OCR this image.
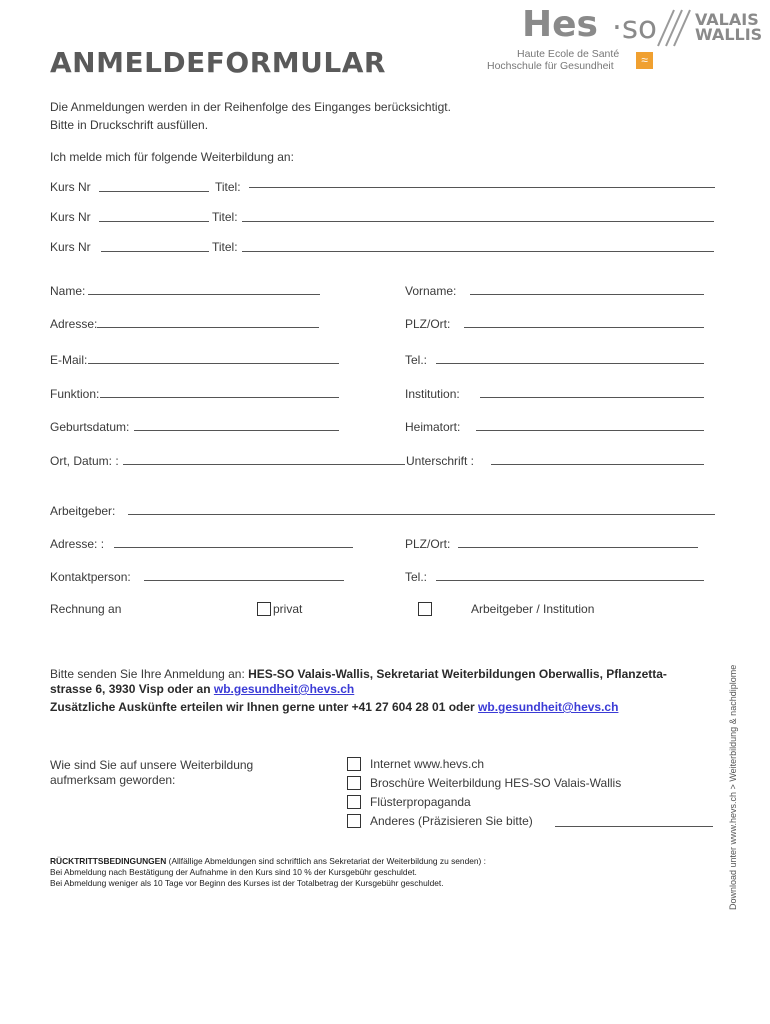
Hes ·so VALAIS
WALLIS
Haute Ecole de Santé
Hochschule für Gesundheit	≈
ANMELDEFORMULAR
Die Anmeldungen werden in der Reihenfolge des Einganges berücksichtigt.
Bitte in Druckschrift ausfüllen.
Ich melde mich für folgende Weiterbildung an:
Kurs Nr	Titel:
Kurs Nr	Titel:
Kurs Nr	Titel:
Name:	Vorname:
Adresse:	PLZ/Ort:
E-Mail:	Tel.:
Funktion:	Institution:
Geburtsdatum:	Heimatort:
Ort, Datum: :	Unterschrift :
Arbeitgeber:
Adresse: :	PLZ/Ort:
Kontaktperson:	Tel.:
Rechnung an	privat	Arbeitgeber / Institution
Bitte senden Sie Ihre Anmeldung an: HES-SO Valais-Wallis, Sekretariat Weiterbildungen Oberwallis, Pflanzetta-
strasse 6, 3930 Visp oder an wb.gesundheit@hevs.ch
Zusätzliche Auskünfte erteilen wir Ihnen gerne unter +41 27 604 28 01 oder wb.gesundheit@hevs.ch
Wie sind Sie auf unsere Weiterbildung
aufmerksam geworden:
Internet www.hevs.ch
Broschüre Weiterbildung HES-SO Valais-Wallis
Flüsterpropaganda
Anderes (Präzisieren Sie bitte)
RÜCKTRITTSBEDINGUNGEN (Allfällige Abmeldungen sind schriftlich ans Sekretariat der Weiterbildung zu senden) :
Bei Abmeldung nach Bestätigung der Aufnahme in den Kurs sind 10 % der Kursgebühr geschuldet.
Bei Abmeldung weniger als 10 Tage vor Beginn des Kurses ist der Totalbetrag der Kursgebühr geschuldet.	Download unter www.hevs.ch > Weiterbildung & nachdiplome
